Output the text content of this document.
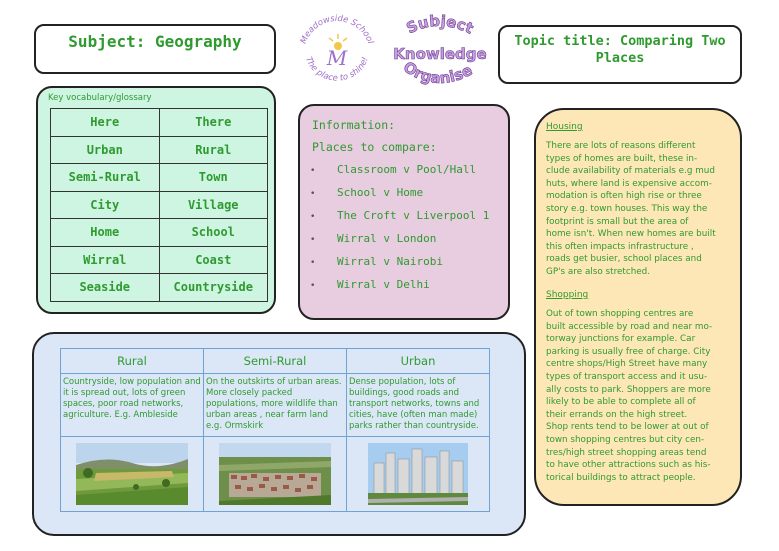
Subject: Geography	Meadowside School
The place to shine!
M
Subject
Knowledge
Organise
Topic title: Comparing Two Places
Key vocabulary/glossary
Here	There
Urban	Rural
Semi-Rural	Town
City	Village
Home	School
Wirral	Coast
Seaside	Countryside
Information:
Places to compare:
• Classroom v Pool/Hall
• School v Home
• The Croft v Liverpool 1
• Wirral v London
• Wirral v Nairobi
• Wirral v Delhi
Housing
There are lots of reasons different
types of homes are built, these in-
clude availability of materials e.g mud
huts, where land is expensive accom-
modation is often high rise or three
story e.g. town houses. This way the
footprint is small but the area of
home isn't. When new homes are built
this often impacts infrastructure ,
roads get busier, school places and
GP's are also stretched.
Shopping
Out of town shopping centres are
built accessible by road and near mo-
torway junctions for example. Car
parking is usually free of charge. City
centre shops/High Street have many
types of transport access and it usu-
ally costs to park. Shoppers are more
likely to be able to complete all of
their errands on the high street.
Shop rents tend to be lower at out of
town shopping centres but city cen-
tres/high street shopping areas tend
to have other attractions such as his-
torical buildings to attract people.
Rural	Semi-Rural	Urban
Countryside, low population and it is spread out, lots of green spaces, poor road networks, agriculture. E.g. Ambleside	On the outskirts of urban areas. More closely packed populations, more wildlife than urban areas , near farm land e.g. Ormskirk	Dense population, lots of buildings, good roads and transport networks, towns and cities, have (often man made) parks rather than countryside.
